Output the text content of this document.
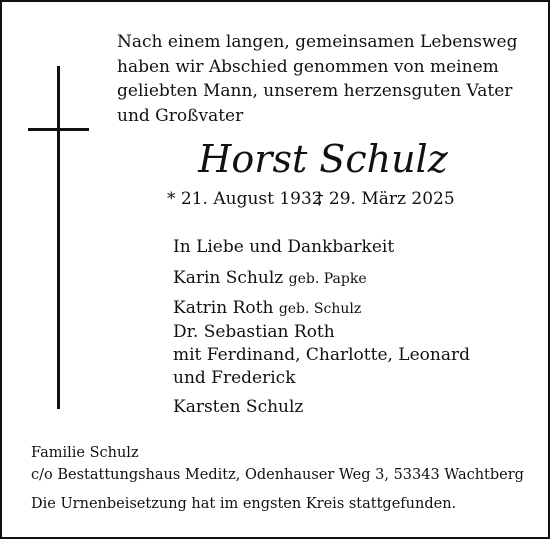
Nach einem langen, gemeinsamen Lebensweg
haben wir Abschied genommen von meinem
geliebten Mann, unserem herzensguten Vater
und Großvater
Horst Schulz
* 21. August 1932
† 29. März 2025
In Liebe und Dankbarkeit
Karin Schulz geb. Papke
Katrin Roth geb. Schulz
Dr. Sebastian Roth
mit Ferdinand, Charlotte, Leonard
und Frederick
Karsten Schulz
Familie Schulz
c/o Bestattungshaus Meditz, Odenhauser Weg 3, 53343 Wachtberg
Die Urnenbeisetzung hat im engsten Kreis stattgefunden.
